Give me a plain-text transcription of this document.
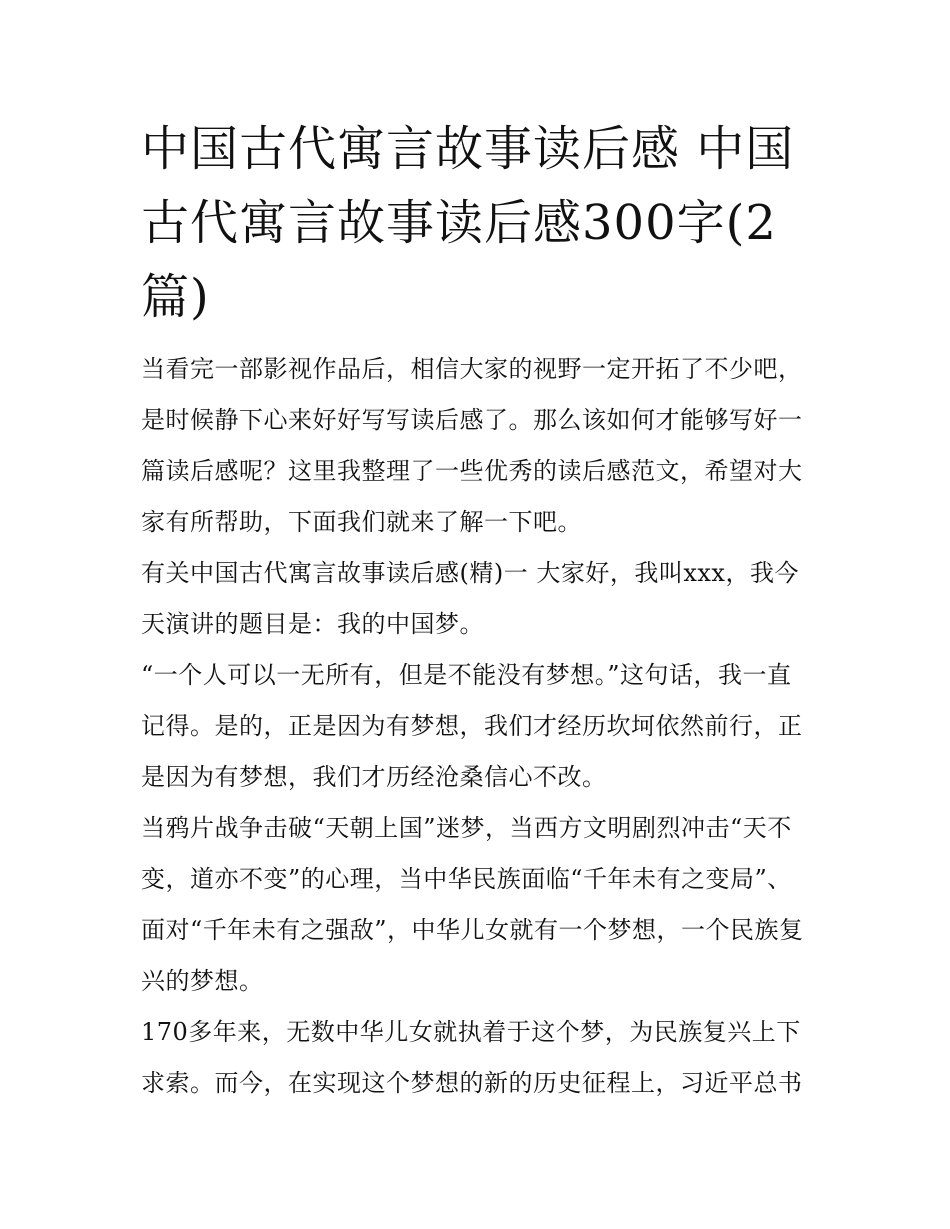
中国古代寓言故事读后感 中国古代寓言故事读后感300字(2篇)

当看完一部影视作品后，相信大家的视野一定开拓了不少吧，是时候静下心来好好写写读后感了。那么该如何才能够写好一篇读后感呢？这里我整理了一些优秀的读后感范文，希望对大家有所帮助，下面我们就来了解一下吧。

有关中国古代寓言故事读后感(精)一 大家好，我叫xxx，我今天演讲的题目是：我的中国梦。

“一个人可以一无所有，但是不能没有梦想。”这句话，我一直记得。是的，正是因为有梦想，我们才经历坎坷依然前行，正是因为有梦想，我们才历经沧桑信心不改。

当鸦片战争击破“天朝上国”迷梦，当西方文明剧烈冲击“天不变，道亦不变”的心理，当中华民族面临“千年未有之变局”、面对“千年未有之强敌”，中华儿女就有一个梦想，一个民族复兴的梦想。

170多年来，无数中华儿女就执着于这个梦，为民族复兴上下求索。而今，在实现这个梦想的新的历史征程上，习近平总书
